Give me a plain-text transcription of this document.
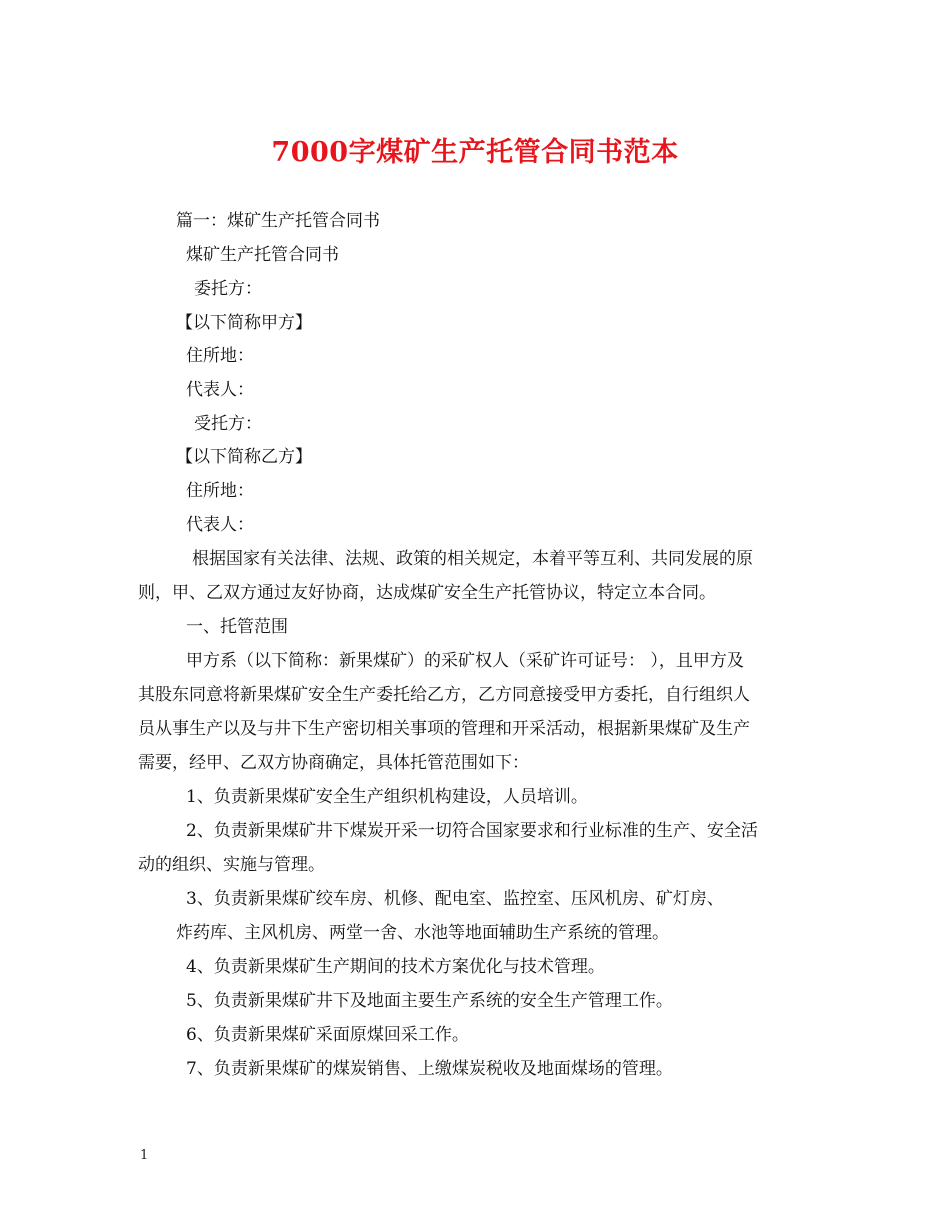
7000字煤矿生产托管合同书范本
篇一：煤矿生产托管合同书
煤矿生产托管合同书
委托方：
【以下简称甲方】
住所地：
代表人：
受托方：
【以下简称乙方】
住所地：
代表人：
根据国家有关法律、法规、政策的相关规定，本着平等互利、共同发展的原
则，甲、乙双方通过友好协商，达成煤矿安全生产托管协议，特定立本合同。
一、托管范围
甲方系（以下简称：新果煤矿）的采矿权人（采矿许可证号： ），且甲方及
其股东同意将新果煤矿安全生产委托给乙方，乙方同意接受甲方委托，自行组织人
员从事生产以及与井下生产密切相关事项的管理和开采活动，根据新果煤矿及生产
需要，经甲、乙双方协商确定，具体托管范围如下：
1、负责新果煤矿安全生产组织机构建设，人员培训。
2、负责新果煤矿井下煤炭开采一切符合国家要求和行业标准的生产、安全活
动的组织、实施与管理。
3、负责新果煤矿绞车房、机修、配电室、监控室、压风机房、矿灯房、
炸药库、主风机房、两堂一舍、水池等地面辅助生产系统的管理。
4、负责新果煤矿生产期间的技术方案优化与技术管理。
5、负责新果煤矿井下及地面主要生产系统的安全生产管理工作。
6、负责新果煤矿采面原煤回采工作。
7、负责新果煤矿的煤炭销售、上缴煤炭税收及地面煤场的管理。
1
